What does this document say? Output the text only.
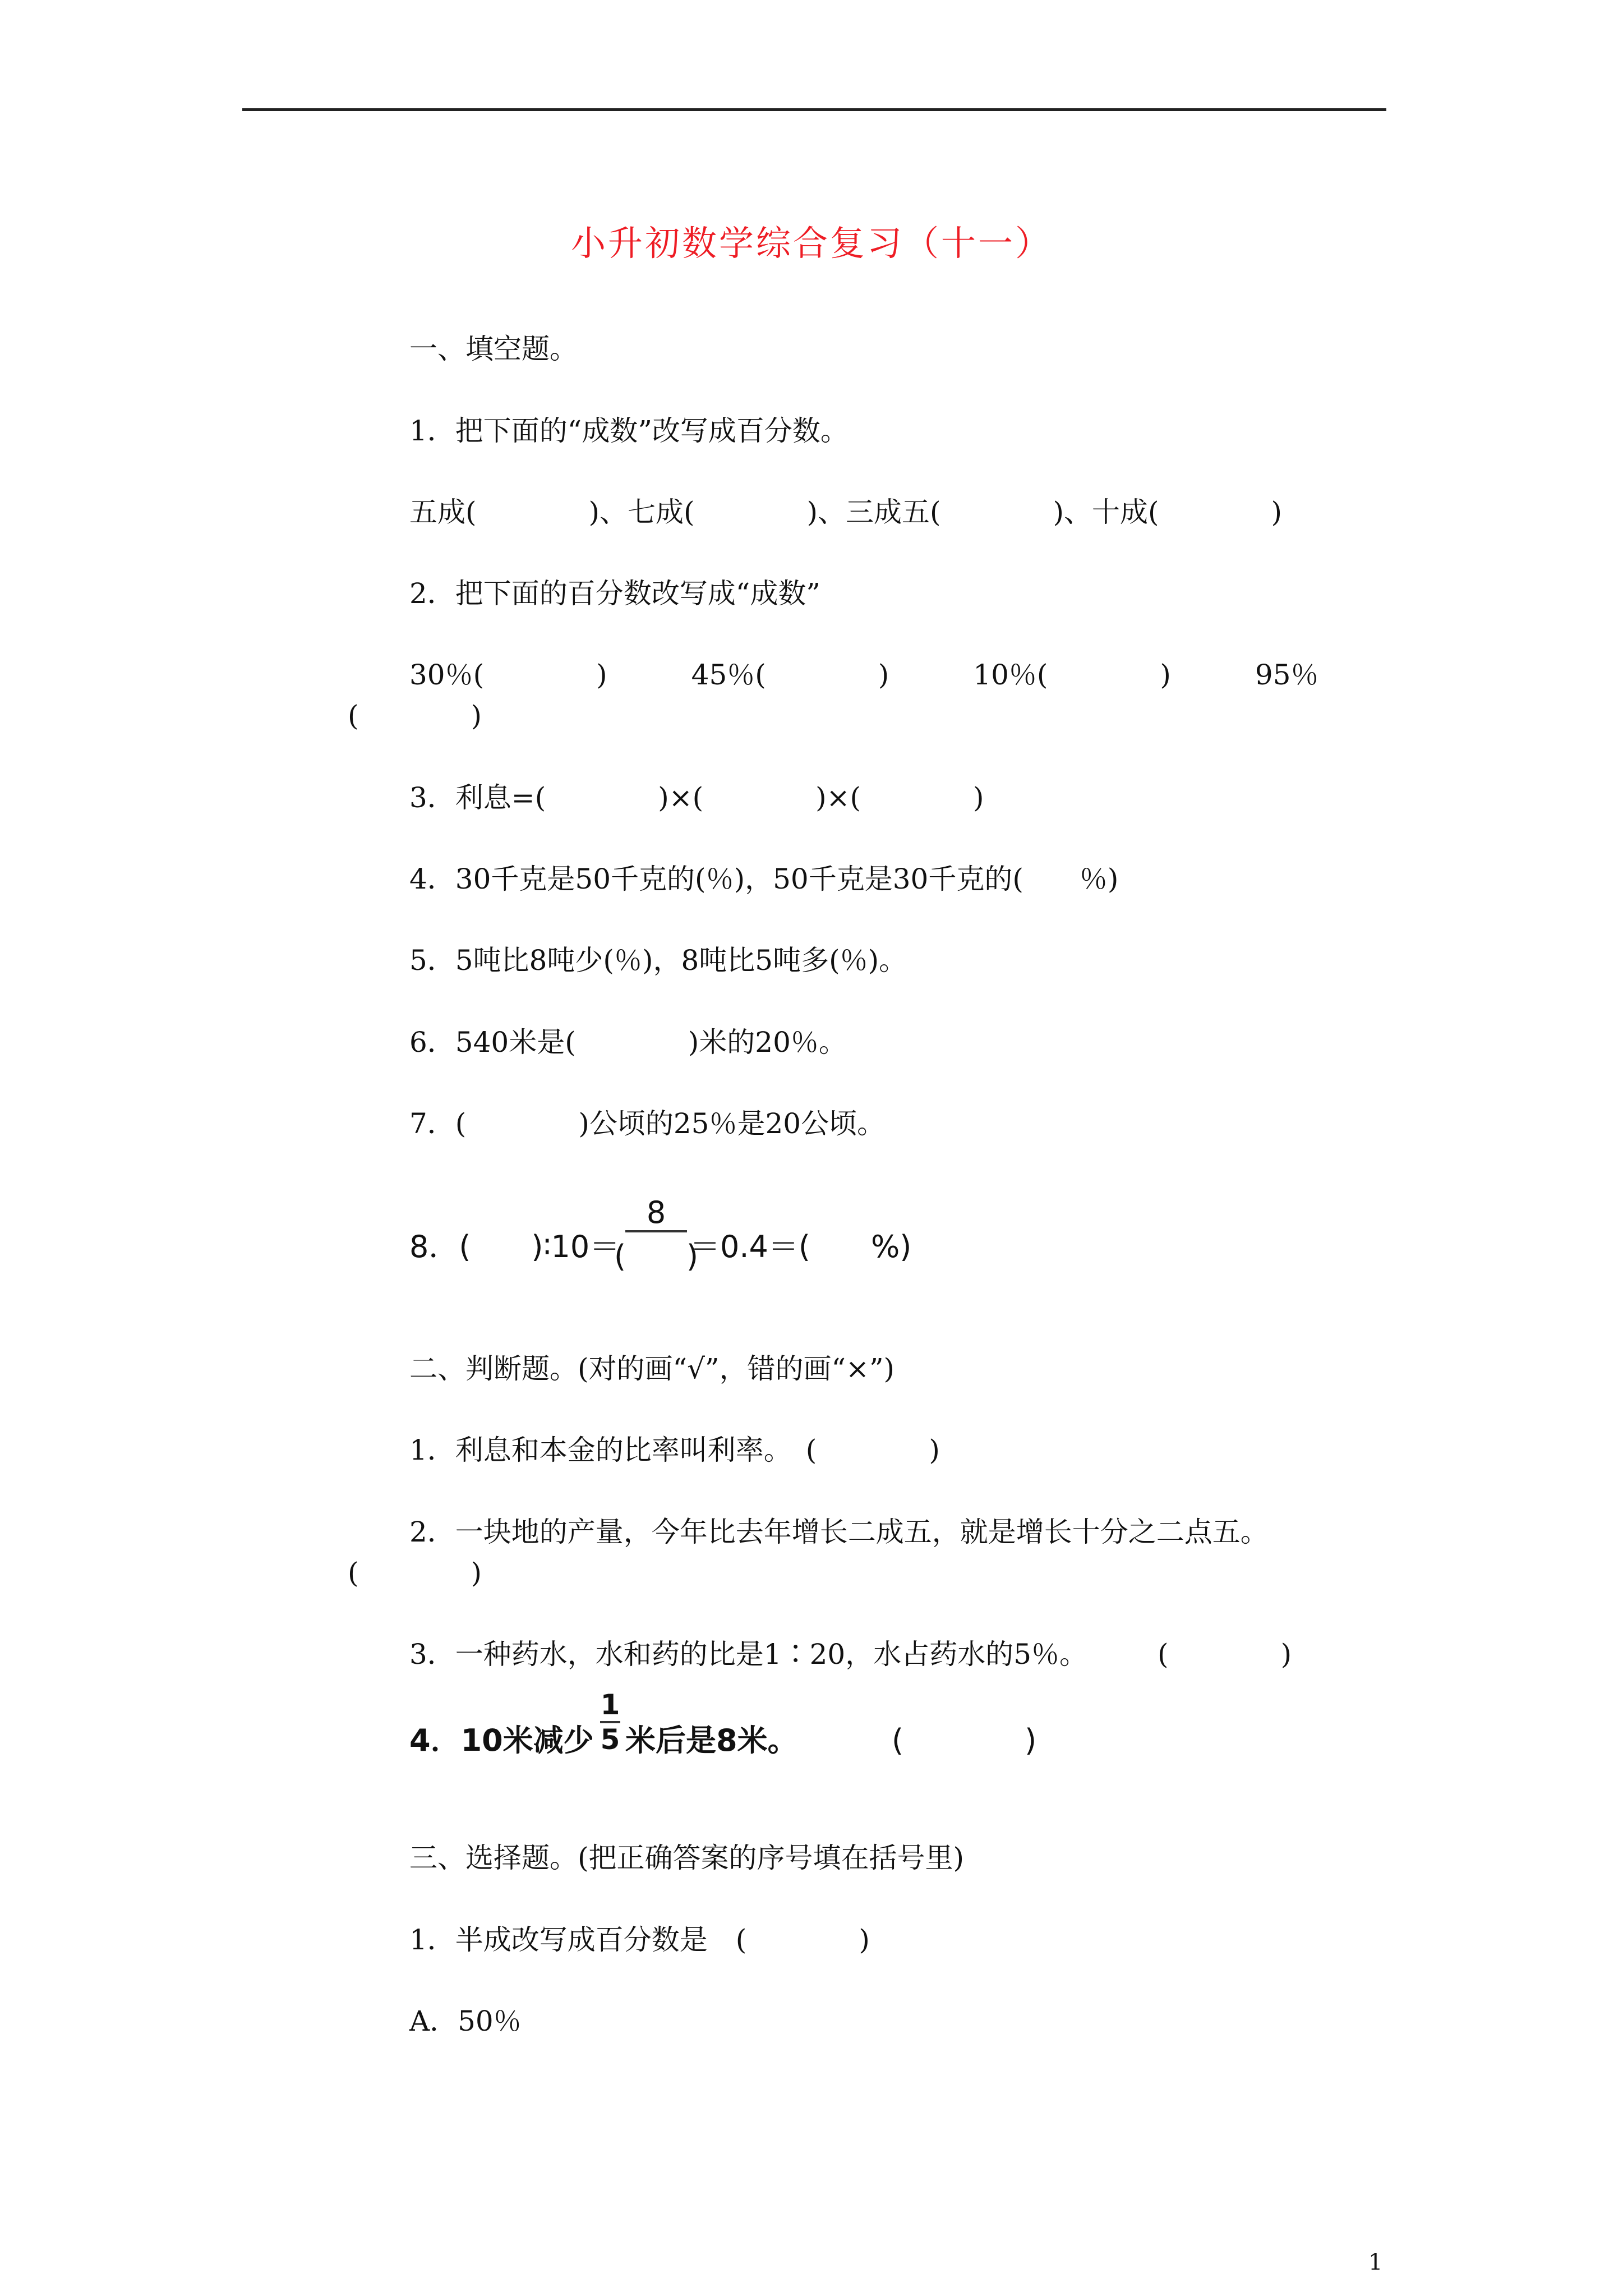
小升初数学综合复习（十一）
一、填空题。
1．把下面的“成数”改写成百分数。
五成(　　　　)、七成(　　　　)、三成五(　　　　)、十成(　　　　)
2．把下面的百分数改写成“成数”
30％(　　　　)　　　45％(　　　　)　　　10％(　　　　)　　　95％
(　　　　)
3．利息=(　　　　)×(　　　　)×(　　　　)
4．30千克是50千克的(％)，50千克是30千克的(　　％)
5．5吨比8吨少(％)，8吨比5吨多(％)。
6．540米是(　　　　)米的20％。
7．(　　　　)公顷的25％是20公顷。
8．(　　)∶10＝
8
(　　)
＝0.4＝(　　%)
二、判断题。(对的画“√”，错的画“×”)
1．利息和本金的比率叫利率。　(　　　　)
2．一块地的产量，今年比去年增长二成五，就是增长十分之二点五。
(　　　　)
3．一种药水，水和药的比是1∶20，水占药水的5％。　　　(　　　　)
4．10米减少
1
5 米后是8米。	(　　　　)
三、选择题。(把正确答案的序号填在括号里)
1．半成改写成百分数是　(　　　　)
A．50％
1
